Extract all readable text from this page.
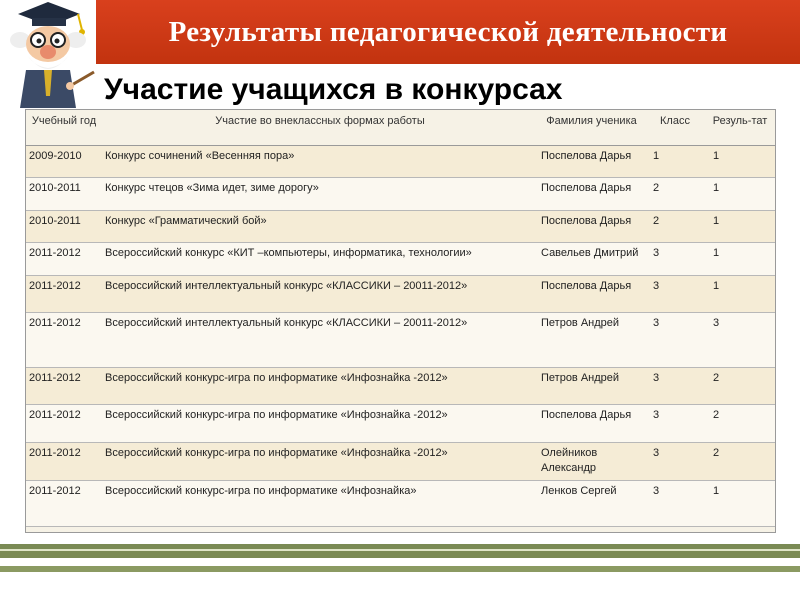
Результаты педагогической деятельности
Участие учащихся в конкурсах
Учебный год	Участие во внеклассных формах работы	Фамилия ученика	Класс	Резуль-тат
2009-2010	Конкурс сочинений «Весенняя пора»	Поспелова Дарья	1	1
2010-2011	Конкурс чтецов «Зима идет, зиме дорогу»	Поспелова Дарья	2	1
2010-2011	Конкурс «Грамматический бой»	Поспелова Дарья	2	1
2011-2012	Всероссийский конкурс «КИТ –компьютеры, информатика, технологии»	Савельев Дмитрий	3	1
2011-2012	Всероссийский интеллектуальный конкурс «КЛАССИКИ – 20011-2012»	Поспелова Дарья	3	1
2011-2012	Всероссийский интеллектуальный конкурс «КЛАССИКИ – 20011-2012»	Петров Андрей	3	3
2011-2012	Всероссийский конкурс-игра по информатике «Инфознайка -2012»	Петров Андрей	3	2
2011-2012	Всероссийский конкурс-игра по информатике «Инфознайка -2012»	Поспелова Дарья	3	2
2011-2012	Всероссийский конкурс-игра по информатике «Инфознайка -2012»	Олейников Александр	3	2
2011-2012	Всероссийский конкурс-игра по информатике «Инфознайка»	Ленков Сергей	3	1
